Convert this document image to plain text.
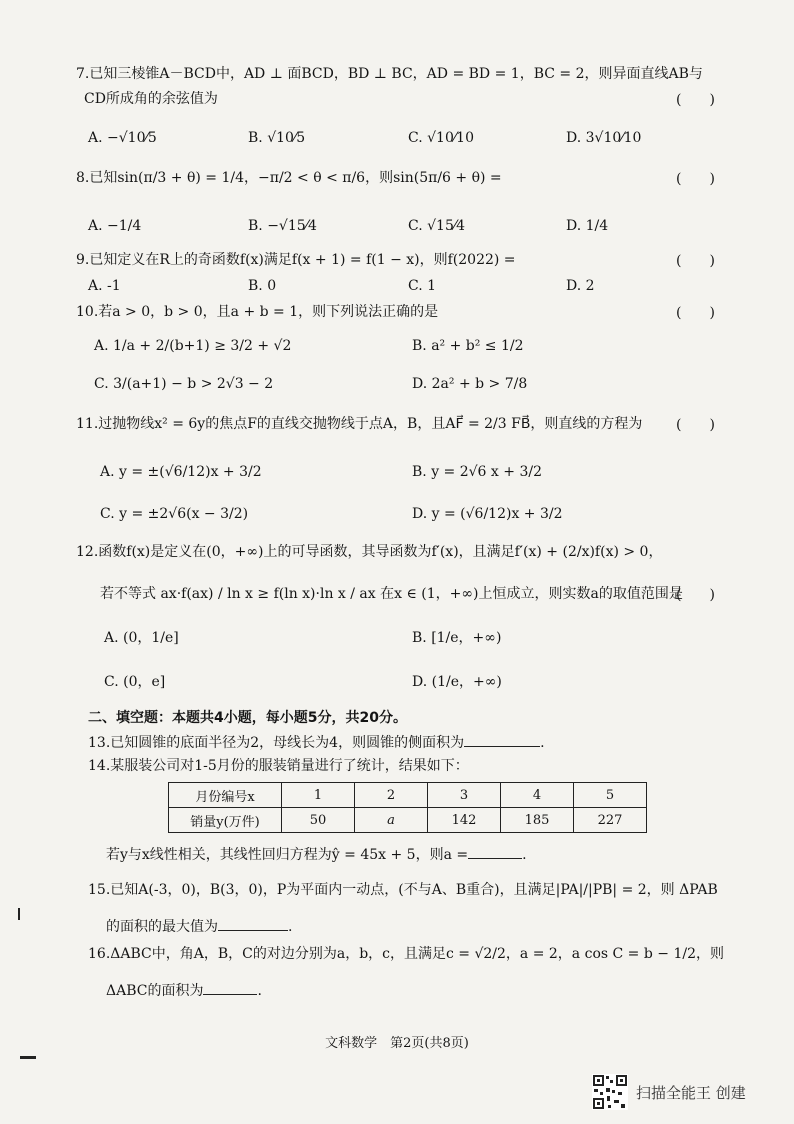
7.已知三棱锥A－BCD中，AD ⊥ 面BCD，BD ⊥ BC，AD = BD = 1，BC = 2，则异面直线AB与
CD所成角的余弦值为	(　　)
A. −√10⁄5	B. √10⁄5	C. √10⁄10	D. 3√10⁄10
8.已知sin(π/3 + θ) = 1/4，−π/2 < θ < π/6，则sin(5π/6 + θ) =	(　　)
A. −1/4	B. −√15⁄4	C. √15⁄4	D. 1/4
9.已知定义在R上的奇函数f(x)满足f(x + 1) = f(1 − x)，则f(2022) =	(　　)
A. -1	B. 0	C. 1	D. 2
10.若a > 0，b > 0，且a + b = 1，则下列说法正确的是	(　　)
A. 1/a + 2/(b+1) ≥ 3/2 + √2	B. a² + b² ≤ 1/2
C. 3/(a+1) − b > 2√3 − 2	D. 2a² + b > 7/8
11.过抛物线x² = 6y的焦点F的直线交抛物线于点A，B，且AF⃗ = 2/3 FB⃗，则直线的方程为 (　　)
A. y = ±(√6/12)x + 3/2	B. y = 2√6 x + 3/2
C. y = ±2√6(x − 3/2)	D. y = (√6/12)x + 3/2
12.函数f(x)是定义在(0，+∞)上的可导函数，其导函数为f′(x)，且满足f′(x) + (2/x)f(x) > 0，
若不等式 ax·f(ax) / ln x ≥ f(ln x)·ln x / ax 在x ∈ (1，+∞)上恒成立，则实数a的取值范围是
(　　)
A. (0，1/e]	B. [1/e，+∞)
C. (0，e]	D. (1/e，+∞)
二、填空题：本题共4小题，每小题5分，共20分。
13.已知圆锥的底面半径为2，母线长为4，则圆锥的侧面积为	.
14.某服装公司对1-5月份的服装销量进行了统计，结果如下：
月份编号x	1	2	3	4	5
销量y(万件)	50	a	142	185	227
若y与x线性相关，其线性回归方程为ŷ = 45x + 5，则a =	.
15.已知A(-3，0)，B(3，0)，P为平面内一动点，(不与A、B重合)，且满足|PA|/|PB| = 2，则 ΔPAB
的面积的最大值为	.
16.ΔABC中，角A，B，C的对边分别为a，b，c，且满足c = √2/2，a = 2，a cos C = b − 1/2，则
ΔABC的面积为	.
文科数学　第2页(共8页)
扫描全能王 创建
